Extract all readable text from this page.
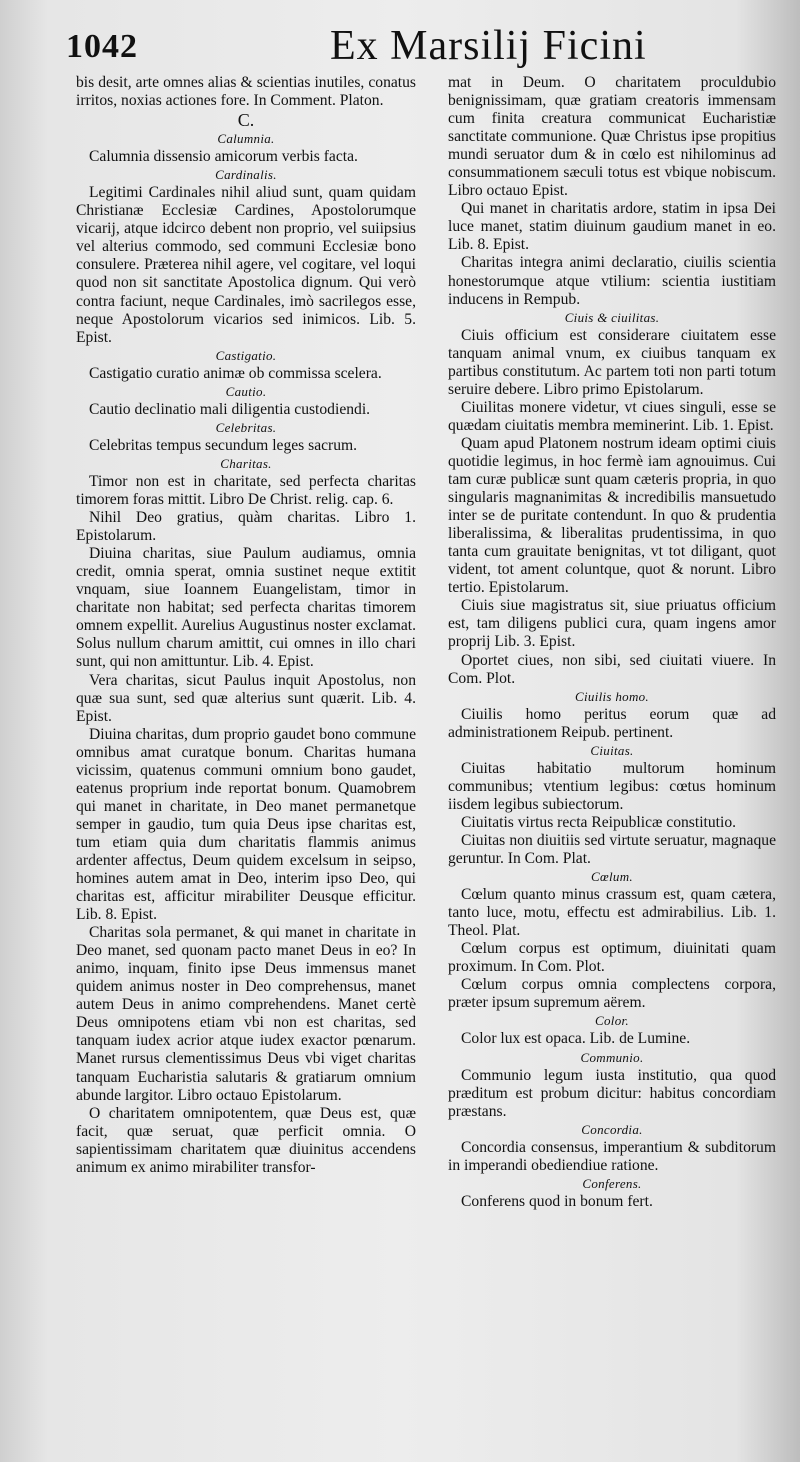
1042	Ex Marsilij Ficini

bis desit, arte omnes alias & scientias inutiles, conatus irritos, noxias actiones fore. In Comment. Platon.

C.
Calumnia.

Calumnia dissensio amicorum verbis facta.

Cardinalis.

Legitimi Cardinales nihil aliud sunt, quam quidam Christianæ Ecclesiæ Cardines, Apostolorumque vicarij, atque idcirco debent non proprio, vel suiipsius vel alterius commodo, sed communi Ecclesiæ bono consulere. Præterea nihil agere, vel cogitare, vel loqui quod non sit sanctitate Apostolica dignum. Qui verò contra faciunt, neque Cardinales, imò sacrilegos esse, neque Apostolorum vicarios sed inimicos. Lib. 5. Epist.

Castigatio.

Castigatio curatio animæ ob commissa scelera.

Cautio.

Cautio declinatio mali diligentia custodiendi.

Celebritas.

Celebritas tempus secundum leges sacrum.

Charitas.

Timor non est in charitate, sed perfecta charitas timorem foras mittit. Libro De Christ. relig. cap. 6.

Nihil Deo gratius, quàm charitas. Libro 1. Epistolarum.

Diuina charitas, siue Paulum audiamus, omnia credit, omnia sperat, omnia sustinet neque extitit vnquam, siue Ioannem Euangelistam, timor in charitate non habitat; sed perfecta charitas timorem omnem expellit. Aurelius Augustinus noster exclamat. Solus nullum charum amittit, cui omnes in illo chari sunt, qui non amittuntur. Lib. 4. Epist.

Vera charitas, sicut Paulus inquit Apostolus, non quæ sua sunt, sed quæ alterius sunt quærit. Lib. 4. Epist.

Diuina charitas, dum proprio gaudet bono commune omnibus amat curatque bonum. Charitas humana vicissim, quatenus communi omnium bono gaudet, eatenus proprium inde reportat bonum. Quamobrem qui manet in charitate, in Deo manet permanetque semper in gaudio, tum quia Deus ipse charitas est, tum etiam quia dum charitatis flammis animus ardenter affectus, Deum quidem excelsum in seipso, homines autem amat in Deo, interim ipso Deo, qui charitas est, afficitur mirabiliter Deusque efficitur. Lib. 8. Epist.

Charitas sola permanet, & qui manet in charitate in Deo manet, sed quonam pacto manet Deus in eo? In animo, inquam, finito ipse Deus immensus manet quidem animus noster in Deo comprehensus, manet autem Deus in animo comprehendens. Manet certè Deus omnipotens etiam vbi non est charitas, sed tanquam iudex acrior atque iudex exactor pœnarum. Manet rursus clementissimus Deus vbi viget charitas tanquam Eucharistia salutaris & gratiarum omnium abunde largitor. Libro octauo Epistolarum.

O charitatem omnipotentem, quæ Deus est, quæ facit, quæ seruat, quæ perficit omnia. O sapientissimam charitatem quæ diuinitus accendens animum ex animo mirabiliter transfor-

mat in Deum. O charitatem proculdubio benignissimam, quæ gratiam creatoris immensam cum finita creatura communicat Eucharistiæ sanctitate communione. Quæ Christus ipse propitius mundi seruator dum & in cœlo est nihilominus ad consummationem sæculi totus est vbique nobiscum. Libro octauo Epist.

Qui manet in charitatis ardore, statim in ipsa Dei luce manet, statim diuinum gaudium manet in eo. Lib. 8. Epist.

Charitas integra animi declaratio, ciuilis scientia honestorumque atque vtilium: scientia iustitiam inducens in Rempub.

Ciuis & ciuilitas.

Ciuis officium est considerare ciuitatem esse tanquam animal vnum, ex ciuibus tanquam ex partibus constitutum. Ac partem toti non parti totum seruire debere. Libro primo Epistolarum.

Ciuilitas monere videtur, vt ciues singuli, esse se quædam ciuitatis membra meminerint. Lib. 1. Epist.

Quam apud Platonem nostrum ideam optimi ciuis quotidie legimus, in hoc fermè iam agnouimus. Cui tam curæ publicæ sunt quam cæteris propria, in quo singularis magnanimitas & incredibilis mansuetudo inter se de puritate contendunt. In quo & prudentia liberalissima, & liberalitas prudentissima, in quo tanta cum grauitate benignitas, vt tot diligant, quot vident, tot ament coluntque, quot & norunt. Libro tertio. Epistolarum.

Ciuis siue magistratus sit, siue priuatus officium est, tam diligens publici cura, quam ingens amor proprij Lib. 3. Epist.

Oportet ciues, non sibi, sed ciuitati viuere. In Com. Plot.

Ciuilis homo.

Ciuilis homo peritus eorum quæ ad administrationem Reipub. pertinent.

Ciuitas.

Ciuitas habitatio multorum hominum communibus; vtentium legibus: cœtus hominum iisdem legibus subiectorum.

Ciuitatis virtus recta Reipublicæ constitutio.

Ciuitas non diuitiis sed virtute seruatur, magnaque geruntur. In Com. Plat.

Cœlum.

Cœlum quanto minus crassum est, quam cætera, tanto luce, motu, effectu est admirabilius. Lib. 1. Theol. Plat.

Cœlum corpus est optimum, diuinitati quam proximum. In Com. Plot.

Cœlum corpus omnia complectens corpora, præter ipsum supremum aërem.

Color.

Color lux est opaca. Lib. de Lumine.

Communio.

Communio legum iusta institutio, qua quod præditum est probum dicitur: habitus concordiam præstans.

Concordia.

Concordia consensus, imperantium & subditorum in imperandi obediendiue ratione.

Conferens.

Conferens quod in bonum fert.
